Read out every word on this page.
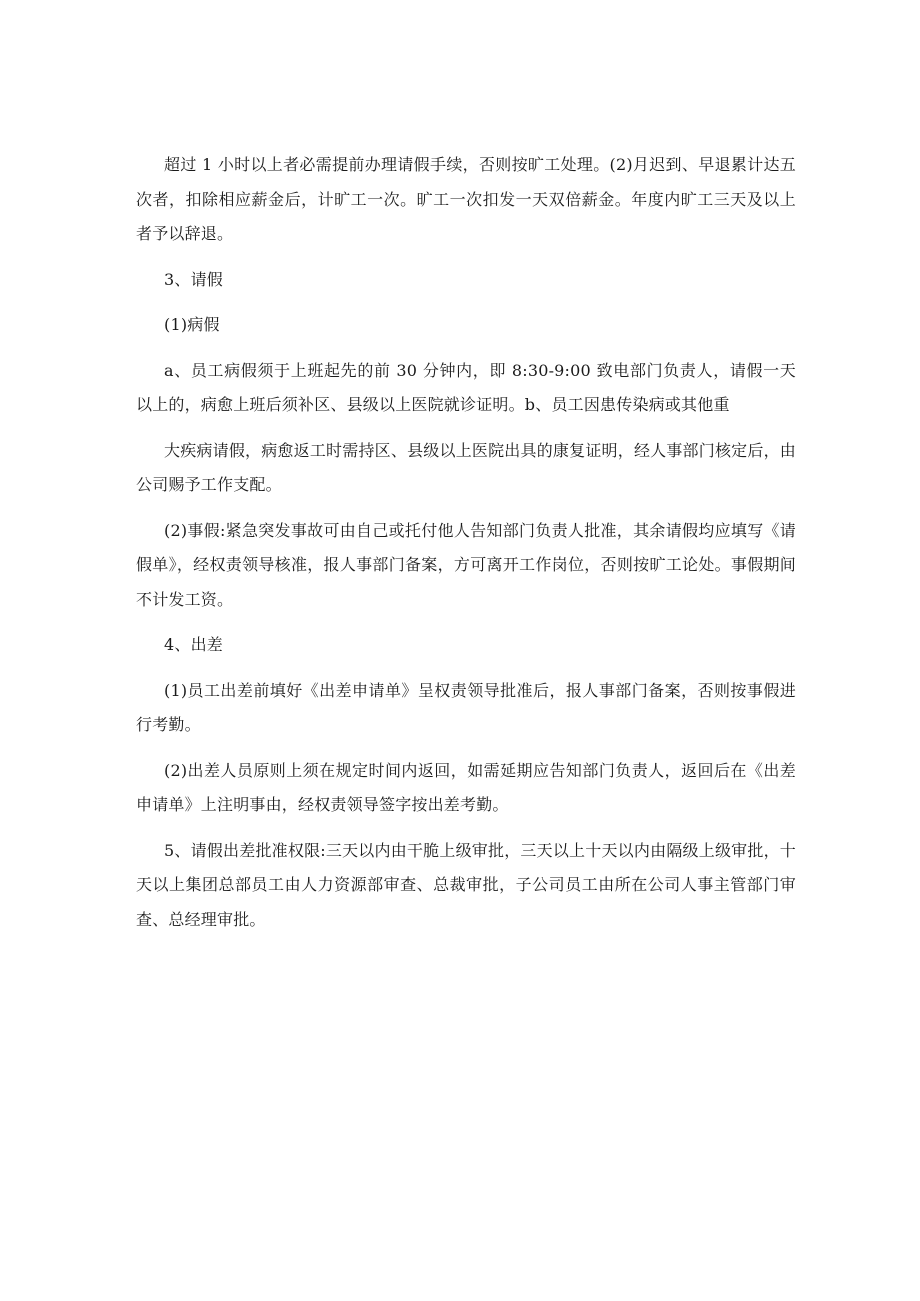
超过 1 小时以上者必需提前办理请假手续，否则按旷工处理。(2)月迟到、早退累计达五次者，扣除相应薪金后，计旷工一次。旷工一次扣发一天双倍薪金。年度内旷工三天及以上者予以辞退。

3、请假

(1)病假

a、员工病假须于上班起先的前 30 分钟内，即 8:30-9:00 致电部门负责人，请假一天以上的，病愈上班后须补区、县级以上医院就诊证明。b、员工因患传染病或其他重

大疾病请假，病愈返工时需持区、县级以上医院出具的康复证明，经人事部门核定后，由公司赐予工作支配。

(2)事假:紧急突发事故可由自己或托付他人告知部门负责人批准，其余请假均应填写《请假单》，经权责领导核准，报人事部门备案，方可离开工作岗位，否则按旷工论处。事假期间不计发工资。

4、出差

(1)员工出差前填好《出差申请单》呈权责领导批准后，报人事部门备案，否则按事假进行考勤。

(2)出差人员原则上须在规定时间内返回，如需延期应告知部门负责人，返回后在《出差申请单》上注明事由，经权责领导签字按出差考勤。

5、请假出差批准权限:三天以内由干脆上级审批，三天以上十天以内由隔级上级审批，十天以上集团总部员工由人力资源部审查、总裁审批，子公司员工由所在公司人事主管部门审查、总经理审批。
